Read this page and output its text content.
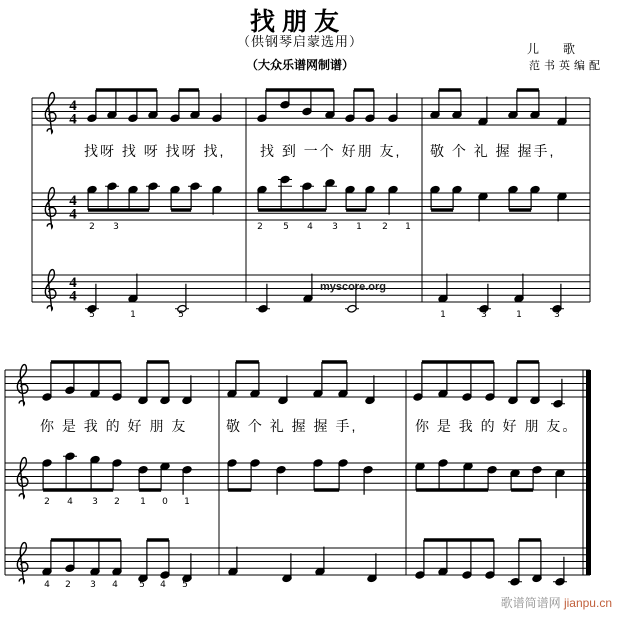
找朋友
（供钢琴启蒙选用）
（大众乐谱网制谱）
儿　　歌
范书英编配
4
4
4
4
2 3	2 5 4 3 1 2 1
4
4
5	1	5	1	3	1	3
myscore.org
找呀 找 呀 找呀 找, 找 到 一个 好朋 友, 敬 个 礼 握 握手,
2 4 3 2 1 0 1
4 2 3 4 5 4 5
你 是 我 的 好 朋 友	敬 个 礼 握 握 手,	你 是 我 的 好 朋 友。
歌谱简谱网 jianpu.cn
